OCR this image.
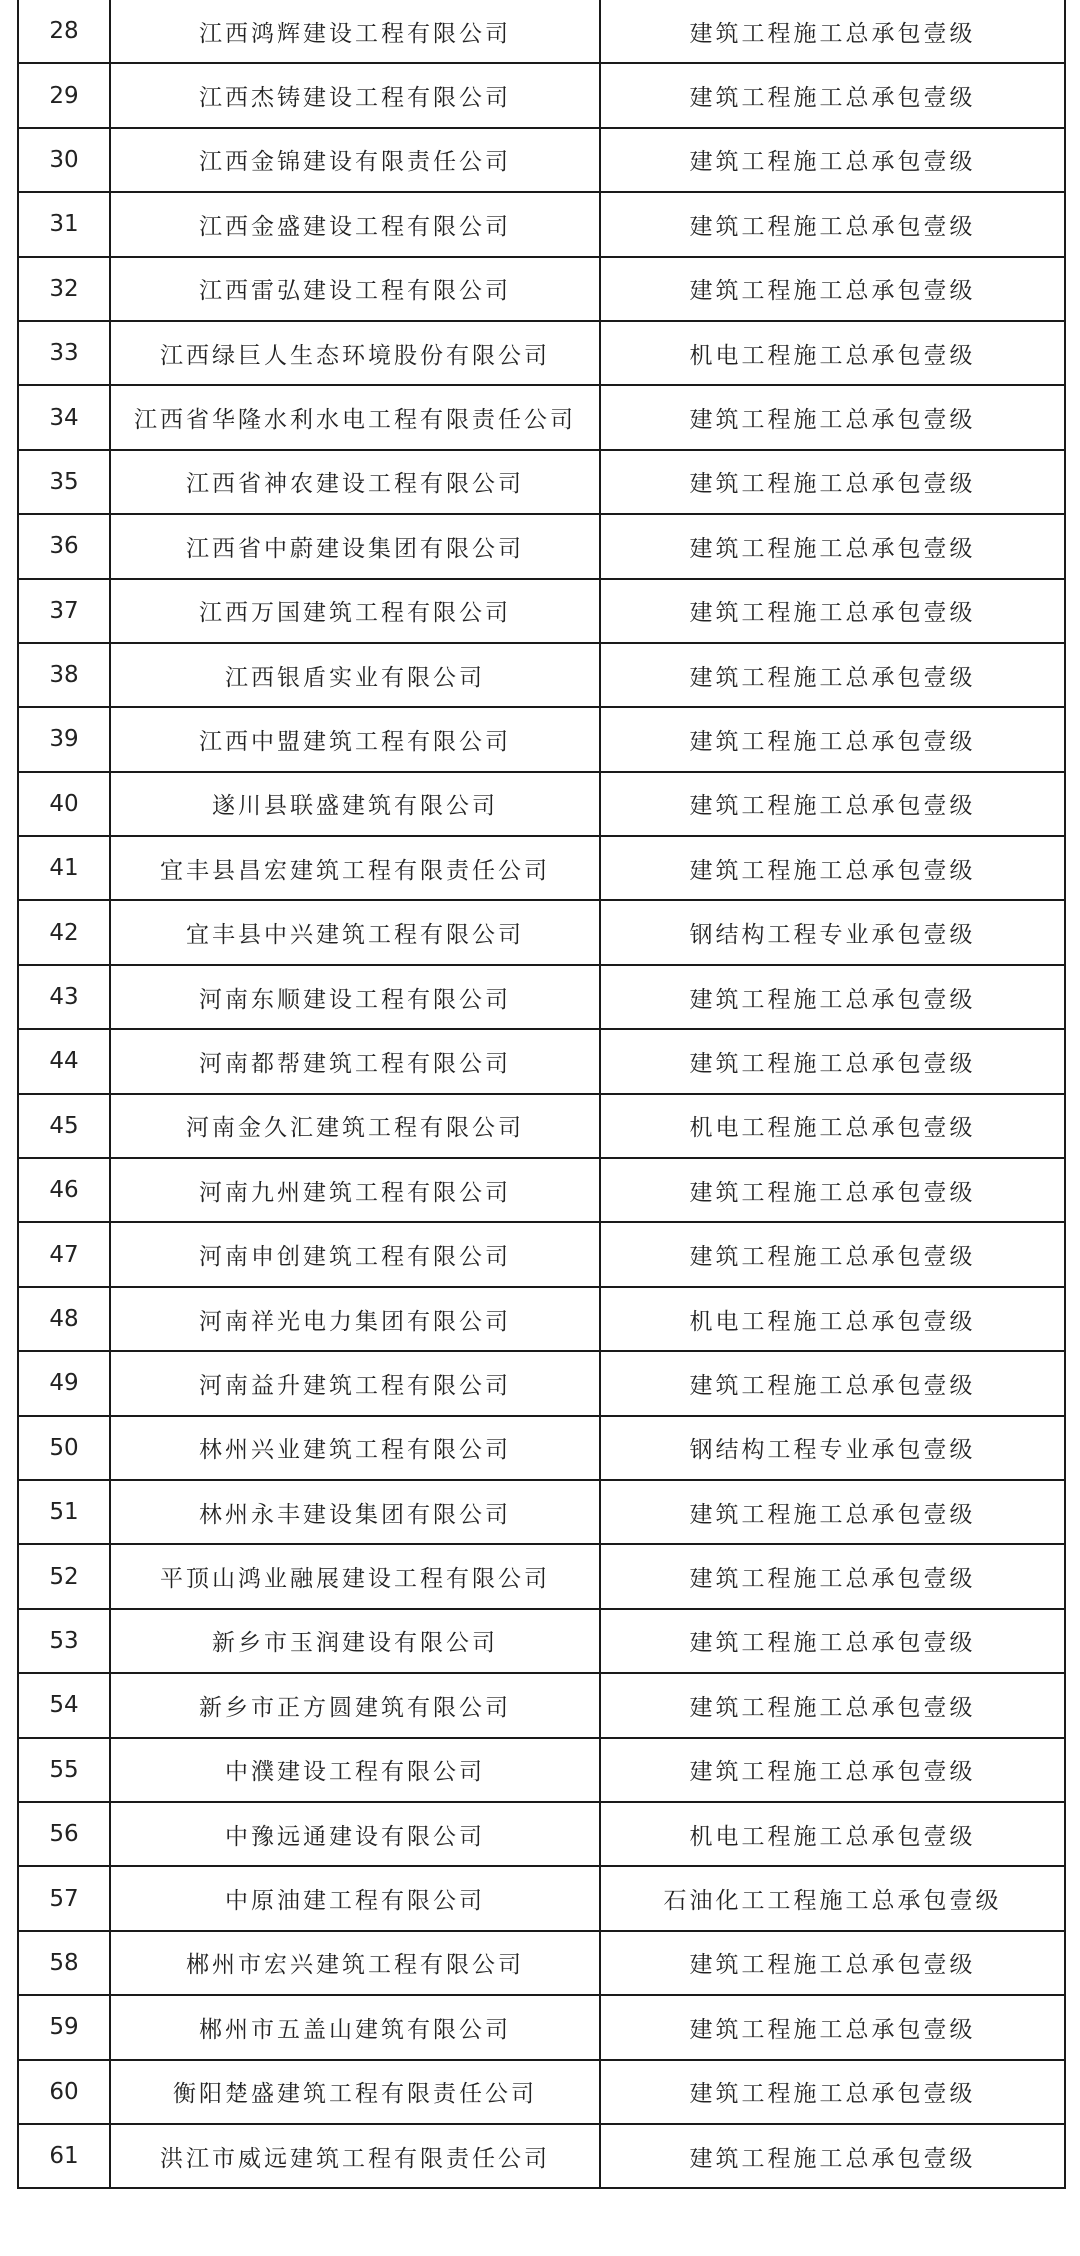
28	江西鸿辉建设工程有限公司	建筑工程施工总承包壹级
29	江西杰铸建设工程有限公司	建筑工程施工总承包壹级
30	江西金锦建设有限责任公司	建筑工程施工总承包壹级
31	江西金盛建设工程有限公司	建筑工程施工总承包壹级
32	江西雷弘建设工程有限公司	建筑工程施工总承包壹级
33	江西绿巨人生态环境股份有限公司	机电工程施工总承包壹级
34	江西省华隆水利水电工程有限责任公司	建筑工程施工总承包壹级
35	江西省神农建设工程有限公司	建筑工程施工总承包壹级
36	江西省中蔚建设集团有限公司	建筑工程施工总承包壹级
37	江西万国建筑工程有限公司	建筑工程施工总承包壹级
38	江西银盾实业有限公司	建筑工程施工总承包壹级
39	江西中盟建筑工程有限公司	建筑工程施工总承包壹级
40	遂川县联盛建筑有限公司	建筑工程施工总承包壹级
41	宜丰县昌宏建筑工程有限责任公司	建筑工程施工总承包壹级
42	宜丰县中兴建筑工程有限公司	钢结构工程专业承包壹级
43	河南东顺建设工程有限公司	建筑工程施工总承包壹级
44	河南都帮建筑工程有限公司	建筑工程施工总承包壹级
45	河南金久汇建筑工程有限公司	机电工程施工总承包壹级
46	河南九州建筑工程有限公司	建筑工程施工总承包壹级
47	河南申创建筑工程有限公司	建筑工程施工总承包壹级
48	河南祥光电力集团有限公司	机电工程施工总承包壹级
49	河南益升建筑工程有限公司	建筑工程施工总承包壹级
50	林州兴业建筑工程有限公司	钢结构工程专业承包壹级
51	林州永丰建设集团有限公司	建筑工程施工总承包壹级
52	平顶山鸿业融展建设工程有限公司	建筑工程施工总承包壹级
53	新乡市玉润建设有限公司	建筑工程施工总承包壹级
54	新乡市正方圆建筑有限公司	建筑工程施工总承包壹级
55	中濮建设工程有限公司	建筑工程施工总承包壹级
56	中豫远通建设有限公司	机电工程施工总承包壹级
57	中原油建工程有限公司	石油化工工程施工总承包壹级
58	郴州市宏兴建筑工程有限公司	建筑工程施工总承包壹级
59	郴州市五盖山建筑有限公司	建筑工程施工总承包壹级
60	衡阳楚盛建筑工程有限责任公司	建筑工程施工总承包壹级
61	洪江市威远建筑工程有限责任公司	建筑工程施工总承包壹级
